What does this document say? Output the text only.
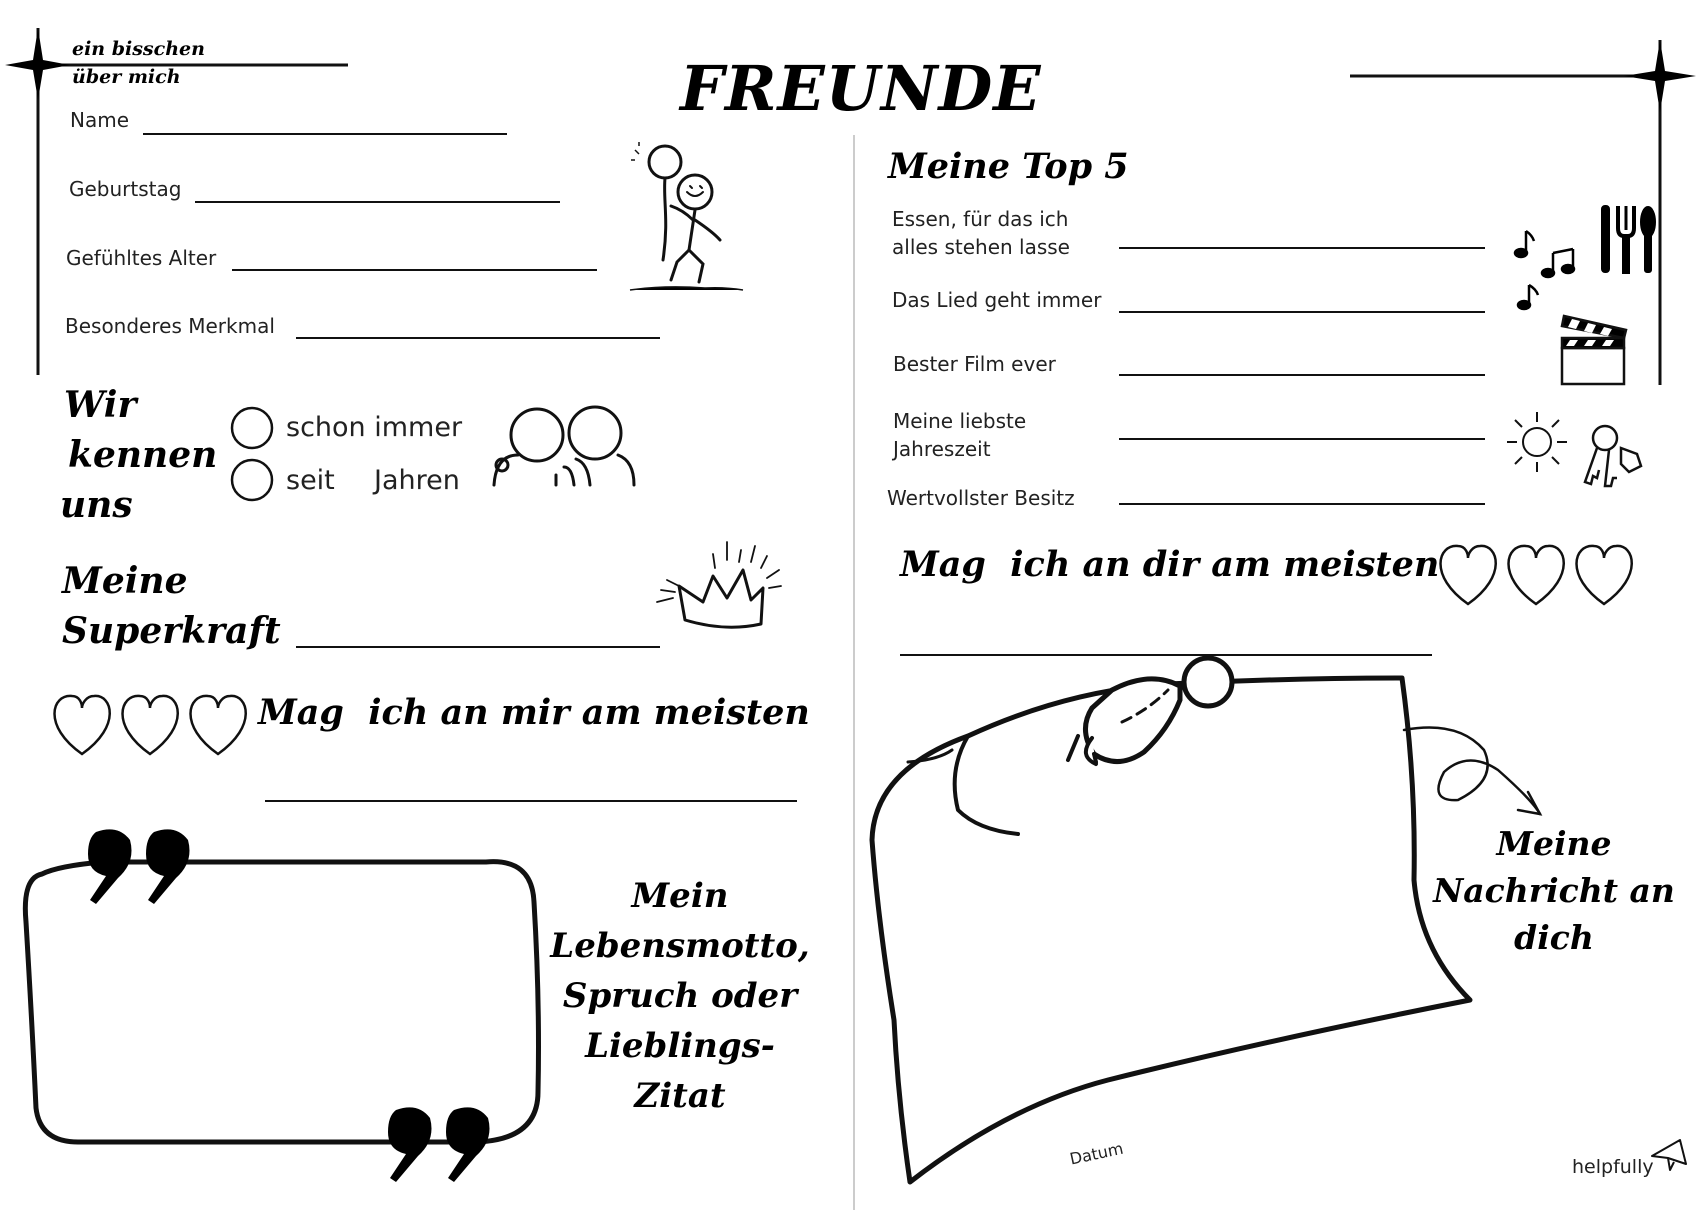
ein bisschen
über mich	FREUNDE
Name
Geburtstag
Gefühltes Alter
Besonderes Merkmal
Wir
kennen
uns
schon immer
seit Jahren
Meine
Superkraft
Mag  ich an mir am meisten
Mein
Lebensmotto,
Spruch oder
Lieblings-
Zitat
Meine Top 5
Essen, für das ich
alles stehen lasse
Das Lied geht immer
Bester Film ever
Meine liebste
Jahreszeit
Wertvollster Besitz
Mag  ich an dir am meisten
Datum
Meine
Nachricht an
dich
helpfully
